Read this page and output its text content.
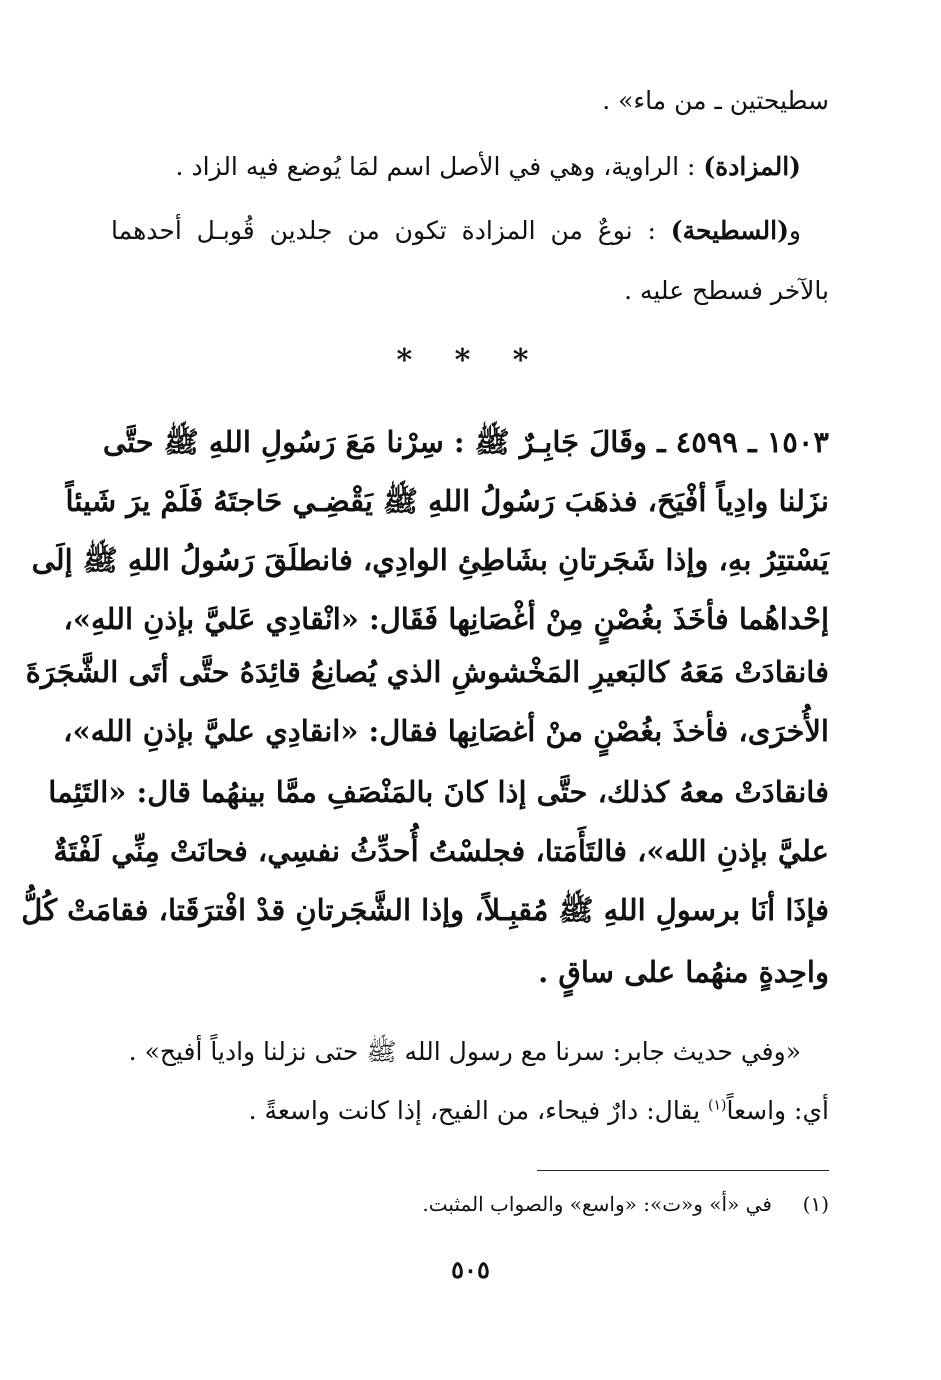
سطيحتين ـ من ماء» .
(المزادة) : الراوية، وهي في الأصل اسم لمَا يُوضع فيه الزاد .
و(السطيحة) : نوعٌ من المزادة تكون من جلدين قُوبـل أحدهما
بالآخر فسطح عليه .
* * *
١٥٠٣ ـ ٤٥٩٩ ـ وقَالَ جَابِـرٌ ﷺ : سِرْنا مَعَ رَسُولِ اللهِ ﷺ حتَّى
نزَلنا وادِياً أفْيَحَ، فذهَبَ رَسُولُ اللهِ ﷺ يَقْضِـي حَاجتَهُ فَلَمْ يرَ شَيئاً
يَسْتتِرُ بهِ، وإذا شَجَرتانِ بشَاطِئِ الوادِي، فانطلَقَ رَسُولُ اللهِ ﷺ إلَى
إحْداهُما فأخَذَ بغُصْنٍ مِنْ أغْصَانِها فَقَال: «انْقادِي عَليَّ بإذنِ اللهِ»،
فانقادَتْ مَعَهُ كالبَعيرِ المَخْشوشِ الذي يُصانِعُ قائِدَهُ حتَّى أتَى الشَّجَرَةَ
الأُخرَى، فأخذَ بغُصْنٍ منْ أغصَانِها فقال: «انقادِي عليَّ بإذنِ الله»،
فانقادَتْ معهُ كذلك، حتَّى إذا كانَ بالمَنْصَفِ ممَّا بينهُما قال: «التَئِما
عليَّ بإذنِ الله»، فالتَأَمَتا، فجلسْتُ أُحدِّثُ نفسِي، فحانَتْ مِنِّي لَفْتَةٌ
فإذَا أنَا برسولِ اللهِ ﷺ مُقبِـلاً، وإذا الشَّجَرتانِ قدْ افْترَقَتا، فقامَتْ كُلُّ
واحِدةٍ منهُما على ساقٍ .
«وفي حديث جابر: سرنا مع رسول الله ﷺ حتى نزلنا وادياً أفيح» .
أي: واسعاً$^{(١)}$ يقال: دارٌ فيحاء، من الفيح، إذا كانت واسعةً .
(١)  في «أ» و«ت»: «واسع» والصواب المثبت.
٥٠٥
